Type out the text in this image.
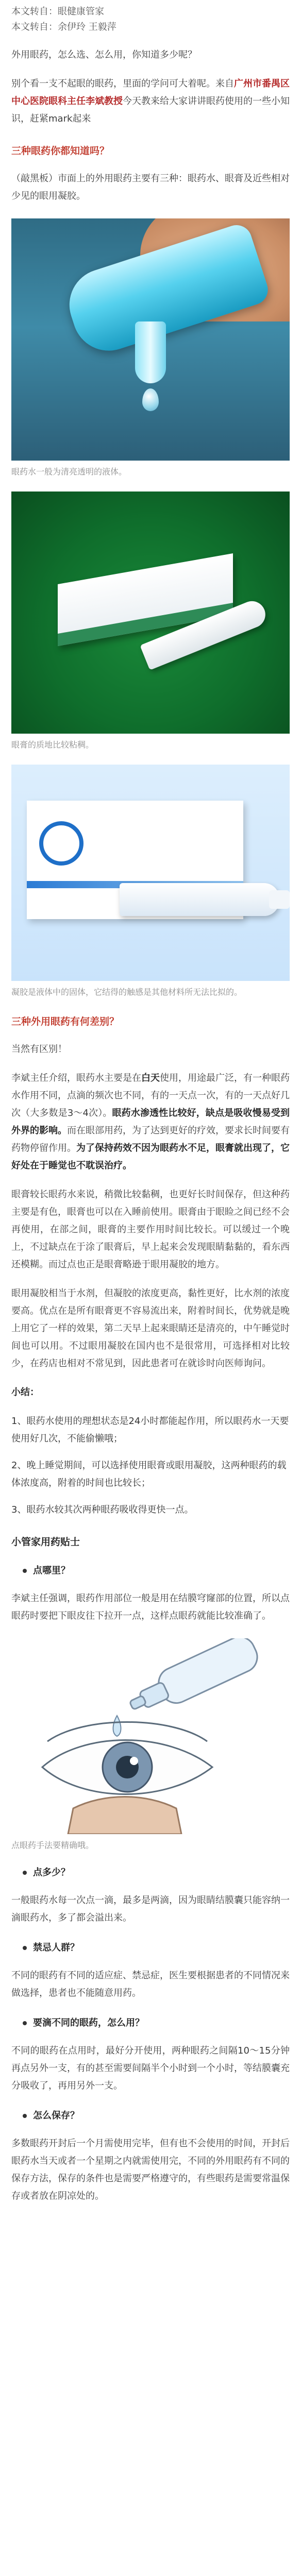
本文转自：眼健康管家
本文转自：余伊玲 王毅萍

外用眼药，怎么选、怎么用，你知道多少呢？

别个看一支不起眼的眼药，里面的学问可大着呢。来自广州市番禺区中心医院眼科主任李斌教授今天教来给大家讲讲眼药使用的一些小知识，赶紧mark起来

三种眼药你都知道吗？

（敲黑板）市面上的外用眼药主要有三种：眼药水、眼膏及近些相对少见的眼用凝胶。

眼药水一般为清亮透明的液体。
眼膏的质地比较粘稠。
凝胶是液体中的固体，它结得的触感是其他材料所无法比拟的。
三种外用眼药有何差别？

当然有区别！

李斌主任介绍，眼药水主要是在白天使用，用途最广泛，有一种眼药水作用不同，点滴的频次也不同，有的一天点一次，有的一天点好几次（大多数是3～4次）。眼药水渗透性比较好，缺点是吸收慢易受到外界的影响。而在眼部用药，为了达到更好的疗效，要求长时间要有药物停留作用。为了保持药效不因为眼药水不足，眼膏就出现了，它好处在于睡觉也不耽误治疗。

眼膏较长眼药水来说，稍微比较黏稠，也更好长时间保存，但这种药主要是有色，眼膏也可以在入睡前使用。眼膏由于眼睑之间已经不会再使用，在部之间，眼膏的主要作用时间比较长。可以缓过一个晚上，不过缺点在于涂了眼膏后，早上起来会发现眼睛黏黏的，看东西还模糊。而过点也正是眼膏略逊于眼用凝胶的地方。

眼用凝胶相当于水剂，但凝胶的浓度更高，黏性更好，比水剂的浓度要高。优点在是所有眼膏更不容易流出来，附着时间长，优势就是晚上用它了一样的效果，第二天早上起来眼睛还是清亮的，中午睡觉时间也可以用。不过眼用凝胶在国内也不是很常用，可选择相对比较少，在药店也相对不常见到，因此患者可在就诊时向医师询问。

小结：

1、眼药水使用的理想状态是24小时都能起作用，所以眼药水一天要使用好几次，不能偷懒哦；

2、晚上睡觉期间，可以选择使用眼膏或眼用凝胶，这两种眼药的载体浓度高，附着的时间也比较长；

3、眼药水较其次两种眼药吸收得更快一点。

小管家用药贴士
点哪里？

李斌主任强调，眼药作用部位一般是用在结膜穹窿部的位置，所以点眼药时要把下眼皮往下拉开一点，这样点眼药就能比较准确了。

点眼药手法要精确哦。
点多少？

一般眼药水每一次点一滴，最多是两滴，因为眼睛结膜囊只能容纳一滴眼药水，多了都会溢出来。

禁忌人群？

不同的眼药有不同的适应症、禁忌症，医生要根据患者的不同情况来做选择，患者也不能随意用药。

要滴不同的眼药，怎么用？

不同的眼药在点用时，最好分开使用，两种眼药之间隔10～15分钟再点另外一支，有的甚至需要间隔半个小时到一个小时，等结膜囊充分吸收了，再用另外一支。

怎么保存？

多数眼药开封后一个月需使用完毕，但有也不会使用的时间，开封后眼药水当天或者一个星期之内就需使用完，不同的外用眼药有不同的保存方法，保存的条件也是需要严格遵守的，有些眼药是需要常温保存或者放在阴凉处的。
